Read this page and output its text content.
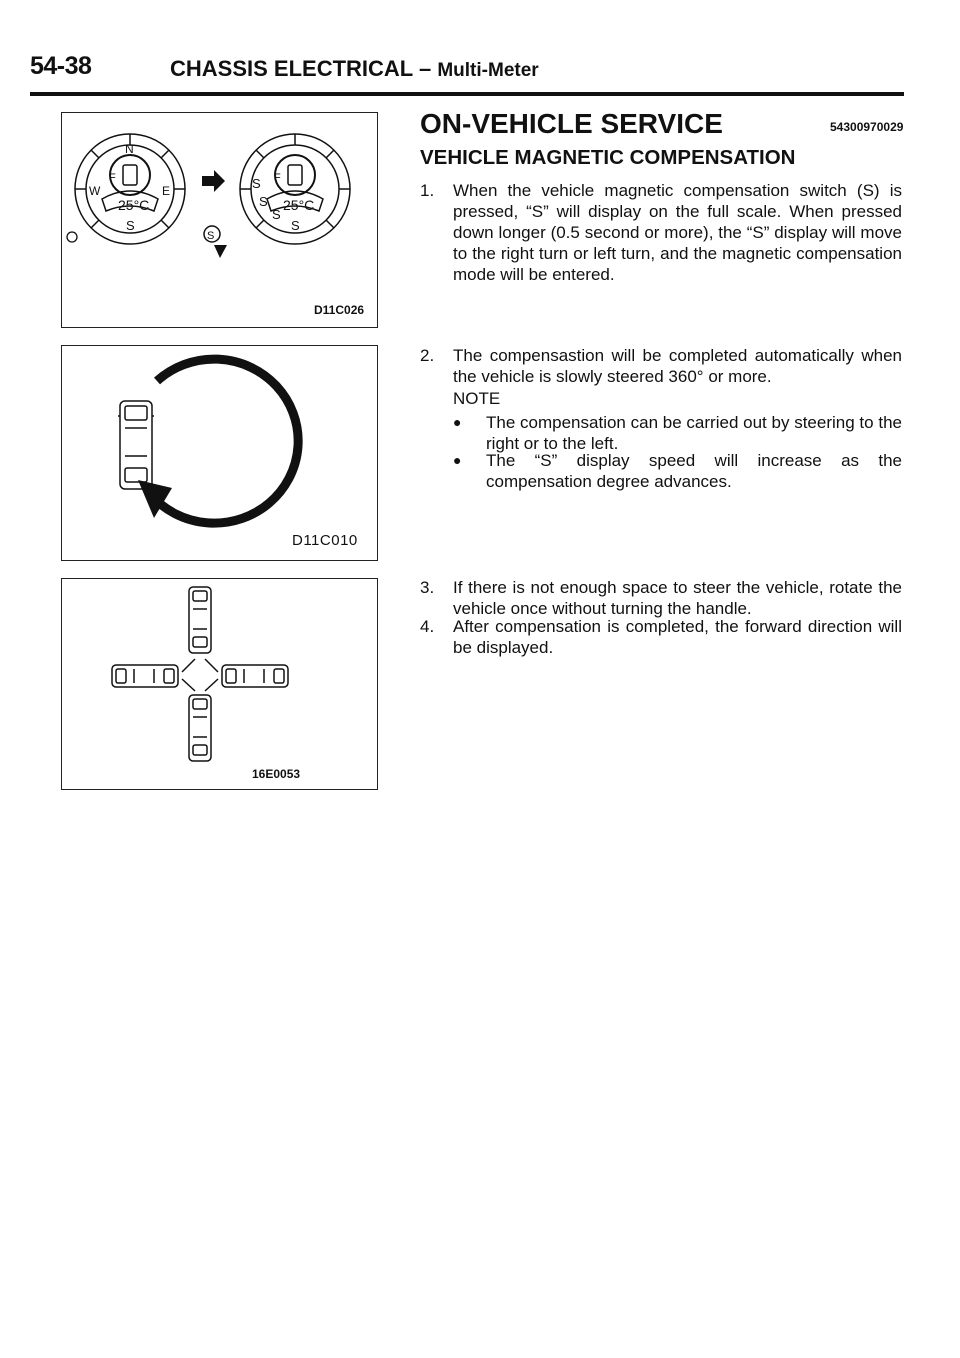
54-38	CHASSIS ELECTRICAL – Multi-Meter
25°C
N
W	E
S
F
S
25°C
S
S
S
S
F
D11C026
D11C010
16E0053
ON-VEHICLE SERVICE	54300970029
VEHICLE MAGNETIC COMPENSATION
1. When the vehicle magnetic compensation switch (S) is pressed, “S” will display on the full scale. When pressed down longer (0.5 second or more), the “S” display will move to the right turn or left turn, and the magnetic compensation mode will be entered.
2. The compensastion will be completed automatically when the vehicle is slowly steered 360° or more.
NOTE
● The compensation can be carried out by steering to the right or to the left.
● The “S” display speed will increase as the compensation degree advances.
3. If there is not enough space to steer the vehicle, rotate the vehicle once without turning the handle.
4. After compensation is completed, the forward direction will be displayed.
